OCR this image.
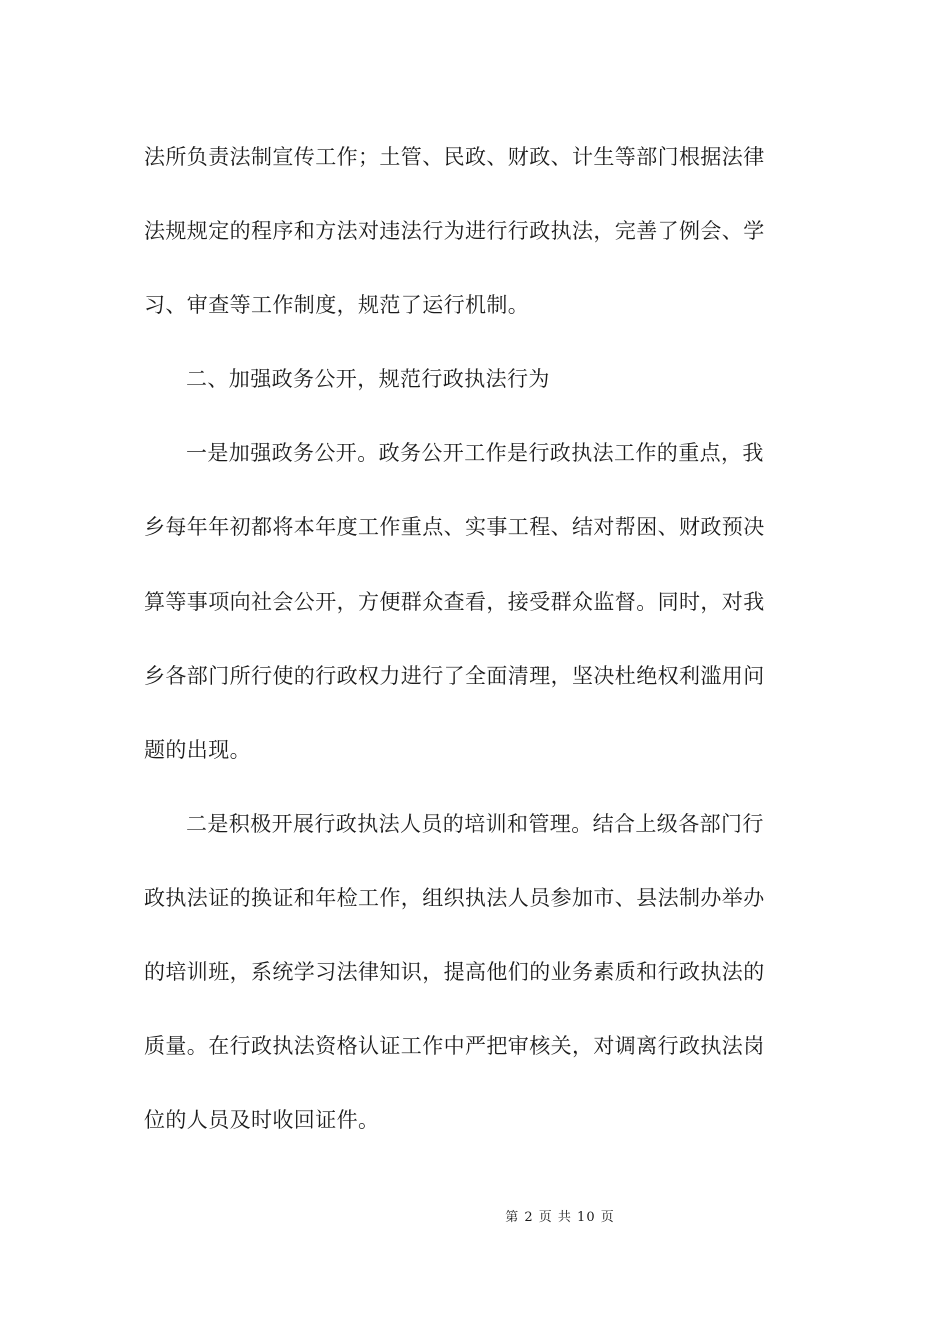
法所负责法制宣传工作；土管、民政、财政、计生等部门根据法律
法规规定的程序和方法对违法行为进行行政执法，完善了例会、学
习、审查等工作制度，规范了运行机制。
二、加强政务公开，规范行政执法行为
一是加强政务公开。政务公开工作是行政执法工作的重点，我
乡每年年初都将本年度工作重点、实事工程、结对帮困、财政预决
算等事项向社会公开，方便群众查看，接受群众监督。同时，对我
乡各部门所行使的行政权力进行了全面清理，坚决杜绝权利滥用问
题的出现。
二是积极开展行政执法人员的培训和管理。结合上级各部门行
政执法证的换证和年检工作，组织执法人员参加市、县法制办举办
的培训班，系统学习法律知识，提高他们的业务素质和行政执法的
质量。在行政执法资格认证工作中严把审核关，对调离行政执法岗
位的人员及时收回证件。
第 2 页 共 10 页
